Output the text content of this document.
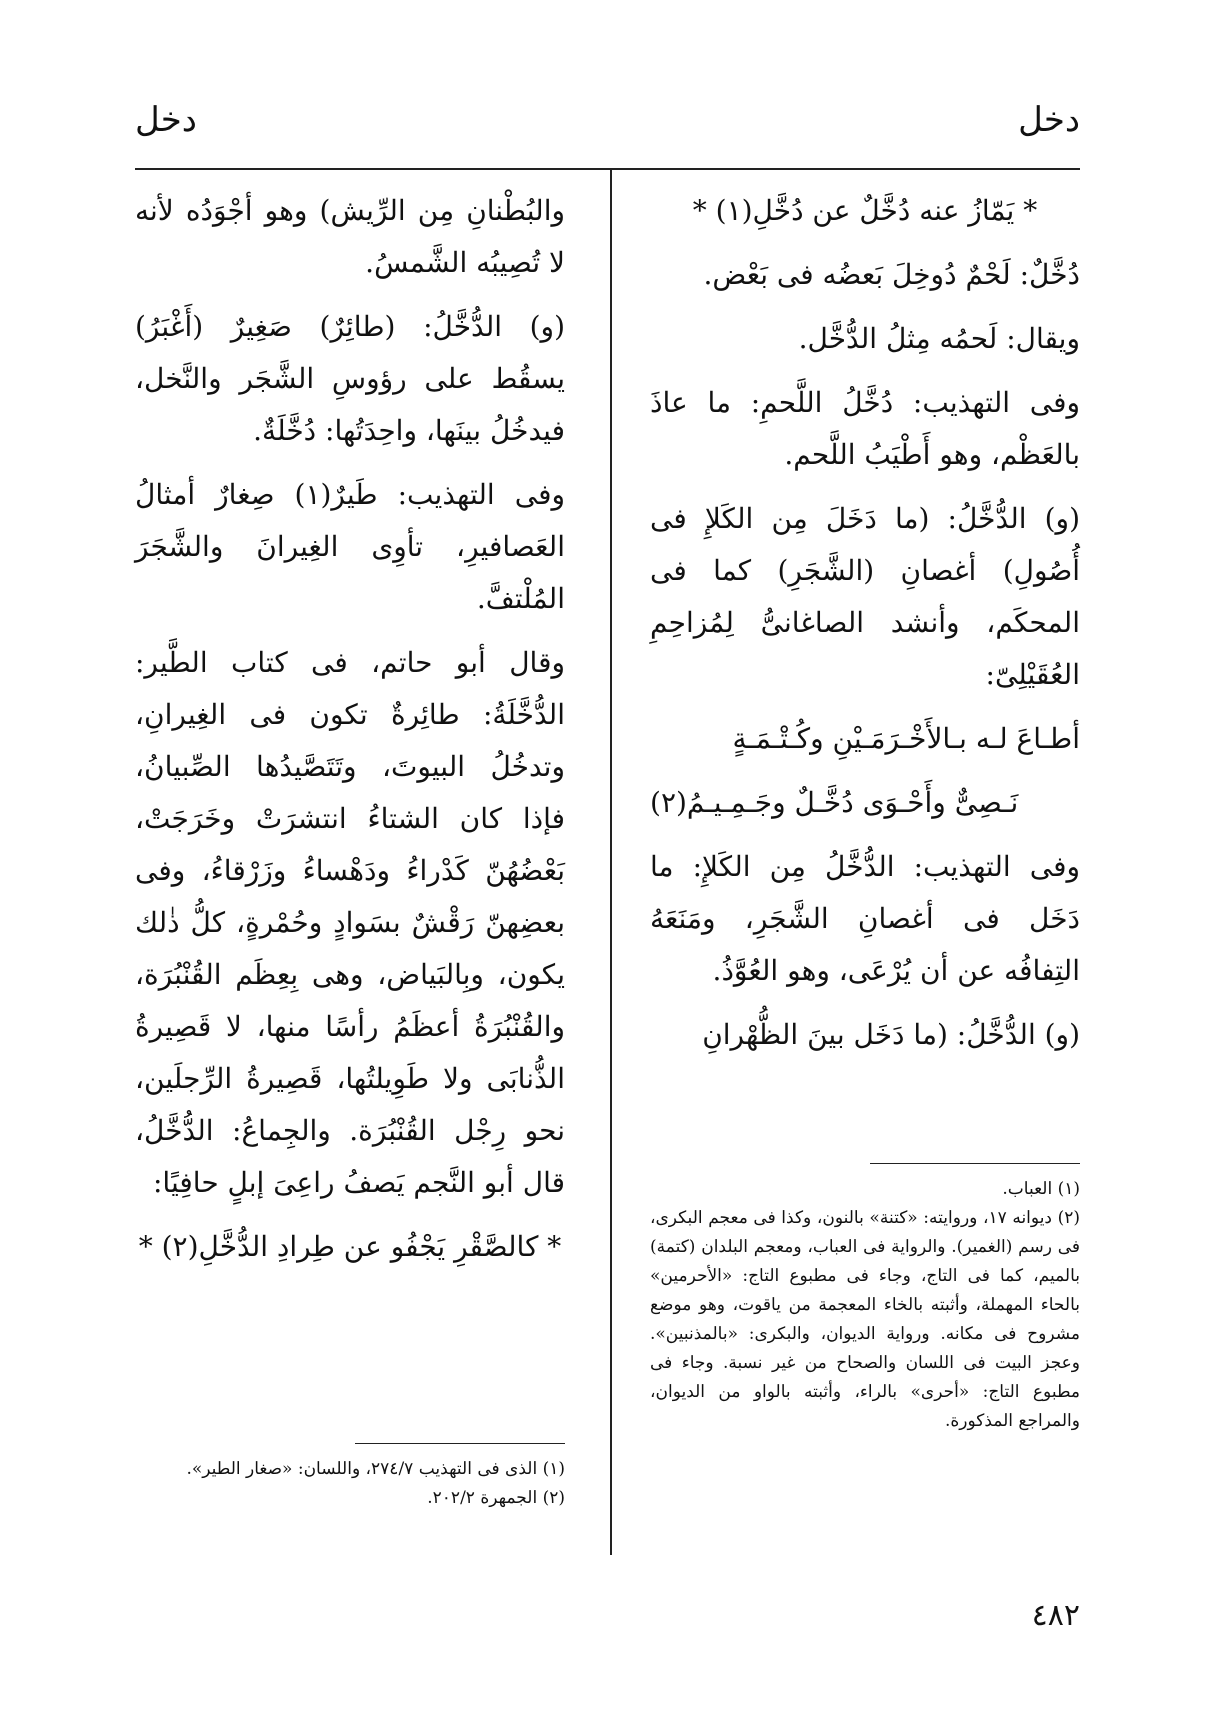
دخل
دخل

* يَمّازُ عنه دُخَّلٌ عن دُخَّلِ(١) *

دُخَّلٌ: لَحْمٌ دُوخِلَ بَعضُه فى بَعْض.

ويقال: لَحمُه مِثلُ الدُّخَّل.

وفى التهذيب: دُخَّلُ اللَّحمِ: ما عاذَ بالعَظْم، وهو أَطْيَبُ اللَّحم.

(و) الدُّخَّلُ: (ما دَخَلَ مِن الكَلإِ فى أُصُولِ) أغصانِ (الشَّجَرِ) كما فى المحكَم، وأنشد الصاغانىُّ لِمُزاحِمِ العُقَيْلِىّ:

أطـاعَ لـه بـالأَخْـرَمَـيْنِ وكُـتْـمَـةٍ

نَـصِىٌّ وأَحْـوَى دُخَّـلٌ وجَـمِـيـمُ(٢)

وفى التهذيب: الدُّخَّلُ مِن الكَلإِ: ما دَخَل فى أغصانِ الشَّجَرِ، ومَنَعَهُ التِفافُه عن أن يُرْعَى، وهو العُوَّذُ.

(و) الدُّخَّلُ: (ما دَخَل بينَ الظُّهْرانِ

(١) العباب.
(٢) ديوانه ١٧، وروايته: «كتنة» بالنون، وكذا فى معجم البكرى، فى رسم (الغمير). والرواية فى العباب، ومعجم البلدان (كتمة) بالميم، كما فى التاج، وجاء فى مطبوع التاج: «الأحرمين» بالحاء المهملة، وأثبته بالخاء المعجمة من ياقوت، وهو موضع مشروح فى مكانه. ورواية الديوان، والبكرى: «بالمذنبين». وعجز البيت فى اللسان والصحاح من غير نسبة. وجاء فى مطبوع التاج: «أحرى» بالراء، وأثبته بالواو من الديوان، والمراجع المذكورة.

والبُطْنانِ مِن الرِّيش) وهو أجْوَدُه لأنه لا تُصِيبُه الشَّمسُ.

(و) الدُّخَّلُ: (طائِرٌ) صَغِيرٌ (أَغْبَرُ) يسقُط على رؤوسِ الشَّجَر والنَّخل، فيدخُلُ بينَها، واحِدَتُها: دُخَّلَةٌ.

وفى التهذيب: طَيرٌ(١) صِغارٌ أمثالُ العَصافيرِ، تأوِى الغِيرانَ والشَّجَرَ المُلْتفَّ.

وقال أبو حاتم، فى كتاب الطَّير: الدُّخَّلَةُ: طائِرةٌ تكون فى الغِيرانِ، وتدخُلُ البيوتَ، وتَتَصَّيدُها الصِّبيانُ، فإذا كان الشتاءُ انتشرَتْ وخَرَجَتْ، بَعْضُهُنّ كَدْراءُ ودَهْساءُ وزَرْقاءُ، وفى بعضِهنّ رَقْشٌ بسَوادٍ وحُمْرةٍ، كلُّ ذٰلك يكون، وبِالبَياض، وهى بِعِظَم القُنْبُرَة، والقُنْبُرَةُ أعظَمُ رأسًا منها، لا قَصِيرةُ الذُّنابَى ولا طَوِيلتُها، قَصِيرةُ الرِّجلَين، نحو رِجْل القُنْبُرَة. والجِماعُ: الدُّخَّلُ، قال أبو النَّجم يَصفُ راعِىَ إبلٍ حافِيًا:

* كالصَّقْرِ يَجْفُو عن طِرادِ الدُّخَّلِ(٢) *

(١) الذى فى التهذيب ٢٧٤/٧، واللسان: «صغار الطير».
(٢) الجمهرة ٢٠٢/٢.
٤٨٢
